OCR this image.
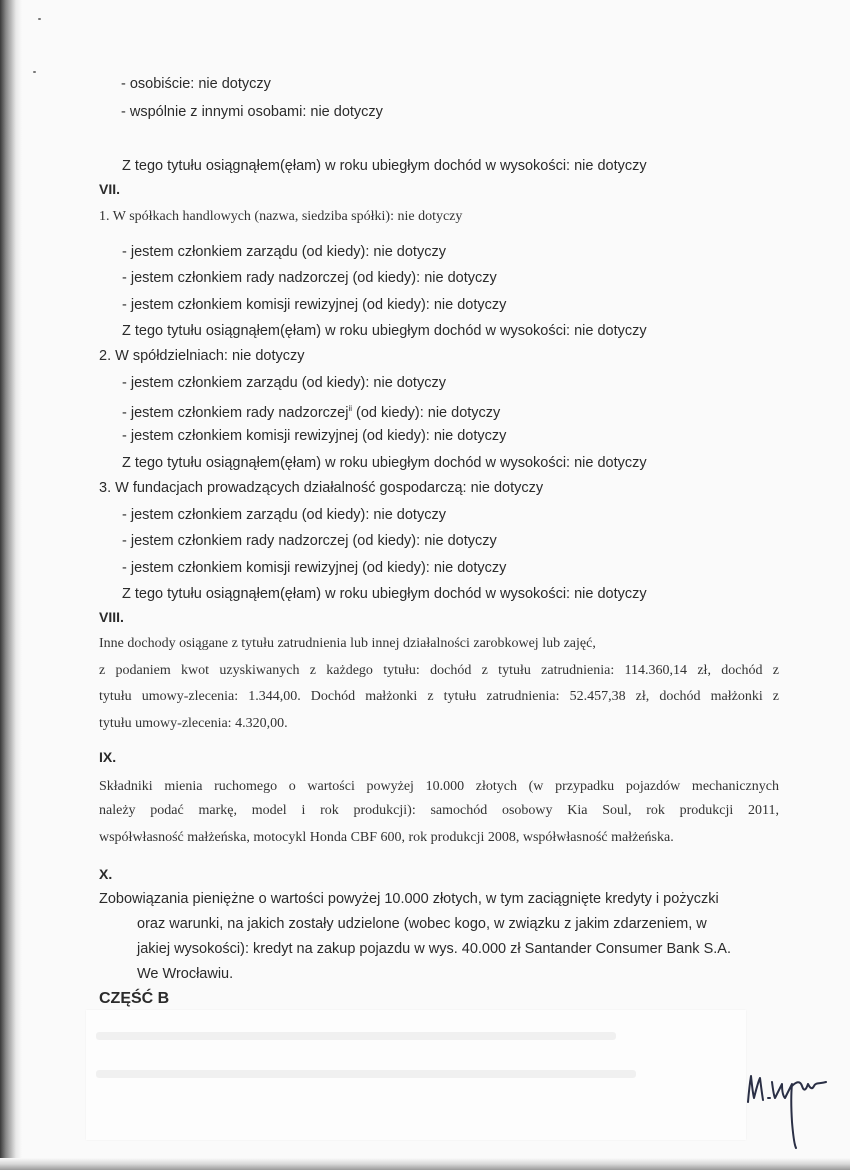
- osobiście: nie dotyczy
- wspólnie z innymi osobami: nie dotyczy
Z tego tytułu osiągnąłem(ęłam) w roku ubiegłym dochód w wysokości: nie dotyczy
VII.
1. W spółkach handlowych (nazwa, siedziba spółki): nie dotyczy
- jestem członkiem zarządu (od kiedy): nie dotyczy
- jestem członkiem rady nadzorczej (od kiedy): nie dotyczy
- jestem członkiem komisji rewizyjnej (od kiedy): nie dotyczy
Z tego tytułu osiągnąłem(ęłam) w roku ubiegłym dochód w wysokości: nie dotyczy
2. W spółdzielniach: nie dotyczy
- jestem członkiem zarządu (od kiedy): nie dotyczy
- jestem członkiem rady nadzorczej$^{ii}$ (od kiedy): nie dotyczy
- jestem członkiem komisji rewizyjnej (od kiedy): nie dotyczy
Z tego tytułu osiągnąłem(ęłam) w roku ubiegłym dochód w wysokości: nie dotyczy
3. W fundacjach prowadzących działalność gospodarczą: nie dotyczy
- jestem członkiem zarządu (od kiedy): nie dotyczy
- jestem członkiem rady nadzorczej (od kiedy): nie dotyczy
- jestem członkiem komisji rewizyjnej (od kiedy): nie dotyczy
Z tego tytułu osiągnąłem(ęłam) w roku ubiegłym dochód w wysokości: nie dotyczy
VIII.
Inne dochody osiągane z tytułu zatrudnienia lub innej działalności zarobkowej lub zajęć,
z podaniem kwot uzyskiwanych z każdego tytułu: dochód z tytułu zatrudnienia: 114.360,14 zł, dochód z
tytułu umowy-zlecenia: 1.344,00. Dochód małżonki z tytułu zatrudnienia: 52.457,38 zł, dochód małżonki z
tytułu umowy-zlecenia: 4.320,00.
IX.
Składniki mienia ruchomego o wartości powyżej 10.000 złotych (w przypadku pojazdów mechanicznych
należy podać markę, model i rok produkcji): samochód osobowy Kia Soul, rok produkcji 2011,
współwłasność małżeńska, motocykl Honda CBF 600, rok produkcji 2008, współwłasność małżeńska.
X.
Zobowiązania pieniężne o wartości powyżej 10.000 złotych, w tym zaciągnięte kredyty i pożyczki
oraz warunki, na jakich zostały udzielone (wobec kogo, w związku z jakim zdarzeniem, w
jakiej wysokości): kredyt na zakup pojazdu w wys. 40.000 zł Santander Consumer Bank S.A.
We Wrocławiu.
CZĘŚĆ B
